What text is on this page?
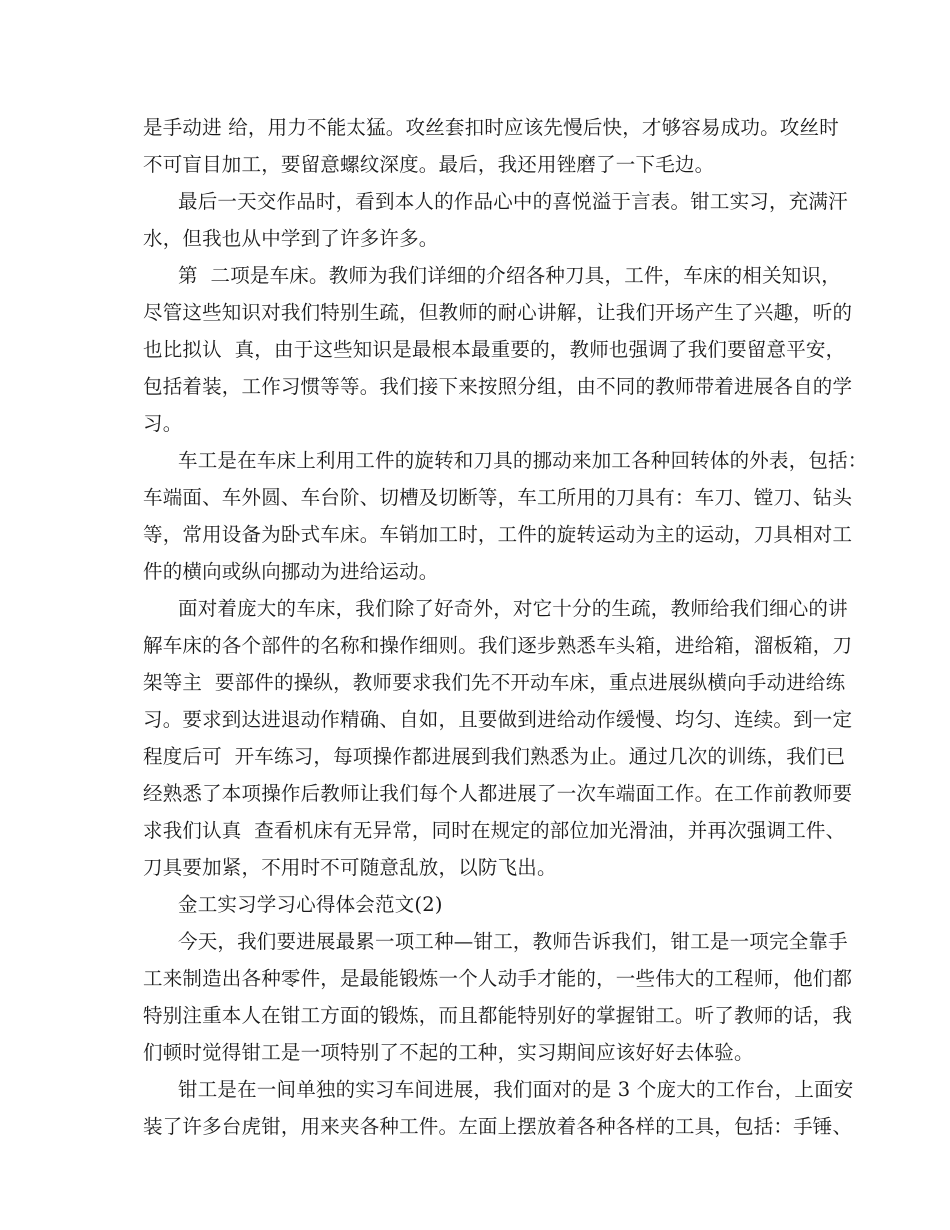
是手动进 给，用力不能太猛。攻丝套扣时应该先慢后快，才够容易成功。攻丝时
不可盲目加工，要留意螺纹深度。最后，我还用锉磨了一下毛边。
最后一天交作品时，看到本人的作品心中的喜悦溢于言表。钳工实习，充满汗
水，但我也从中学到了许多许多。
第  二项是车床。教师为我们详细的介绍各种刀具，工件，车床的相关知识，
尽管这些知识对我们特别生疏，但教师的耐心讲解，让我们开场产生了兴趣，听的
也比拟认  真，由于这些知识是最根本最重要的，教师也强调了我们要留意平安，
包括着装，工作习惯等等。我们接下来按照分组，由不同的教师带着进展各自的学
习。
车工是在车床上利用工件的旋转和刀具的挪动来加工各种回转体的外表，包括：
车端面、车外圆、车台阶、切槽及切断等，车工所用的刀具有：车刀、镗刀、钻头
等，常用设备为卧式车床。车销加工时，工件的旋转运动为主的运动，刀具相对工
件的横向或纵向挪动为进给运动。
面对着庞大的车床，我们除了好奇外，对它十分的生疏，教师给我们细心的讲
解车床的各个部件的名称和操作细则。我们逐步熟悉车头箱，进给箱，溜板箱，刀
架等主  要部件的操纵，教师要求我们先不开动车床，重点进展纵横向手动进给练
习。要求到达进退动作精确、自如，且要做到进给动作缓慢、均匀、连续。到一定
程度后可  开车练习，每项操作都进展到我们熟悉为止。通过几次的训练，我们已
经熟悉了本项操作后教师让我们每个人都进展了一次车端面工作。在工作前教师要
求我们认真  查看机床有无异常，同时在规定的部位加光滑油，并再次强调工件、
刀具要加紧，不用时不可随意乱放，以防飞出。
金工实习学习心得体会范文(2)
今天，我们要进展最累一项工种—钳工，教师告诉我们，钳工是一项完全靠手
工来制造出各种零件，是最能锻炼一个人动手才能的，一些伟大的工程师，他们都
特别注重本人在钳工方面的锻炼，而且都能特别好的掌握钳工。听了教师的话，我
们顿时觉得钳工是一项特别了不起的工种，实习期间应该好好去体验。
钳工是在一间单独的实习车间进展，我们面对的是 3 个庞大的工作台，上面安
装了许多台虎钳，用来夹各种工件。左面上摆放着各种各样的工具，包括：手锤、
